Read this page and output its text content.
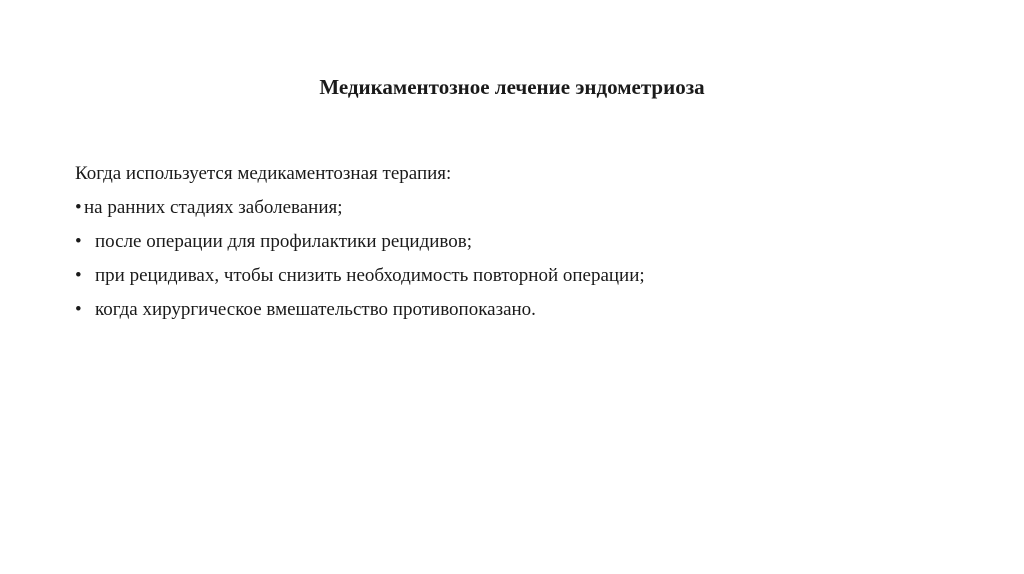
Медикаментозное лечение эндометриоза
Когда используется медикаментозная терапия:
• на ранних стадиях заболевания;
• после операции для профилактики рецидивов;
• при рецидивах, чтобы снизить необходимость повторной операции;
• когда хирургическое вмешательство противопоказано.
